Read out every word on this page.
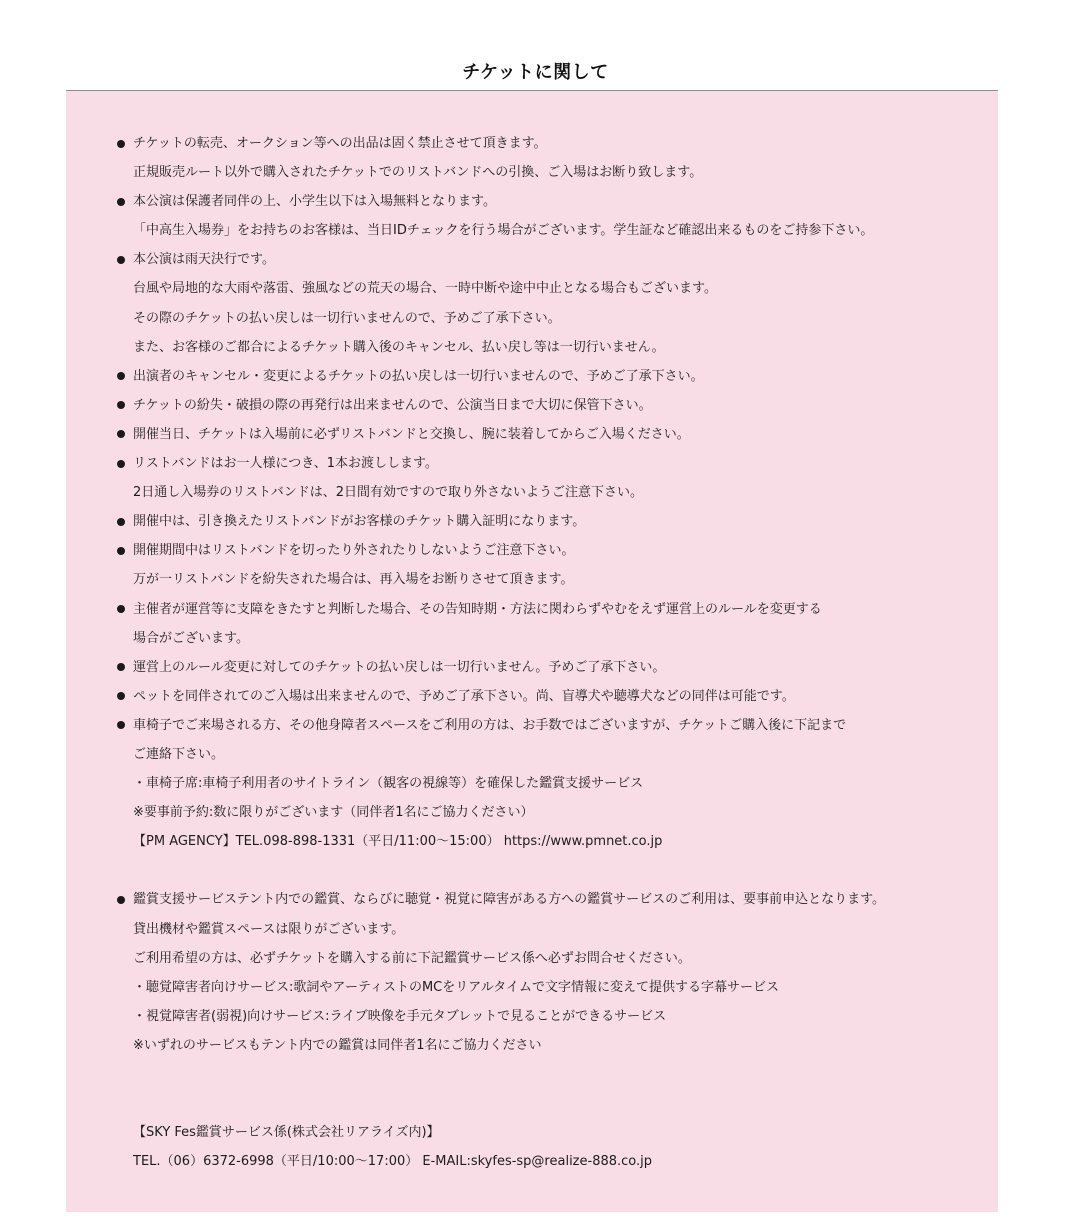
チケットに関して
チケットの転売、オークション等への出品は固く禁止させて頂きます。
正規販売ルート以外で購入されたチケットでのリストバンドへの引換、ご入場はお断り致します。
本公演は保護者同伴の上、小学生以下は入場無料となります。
「中高生入場券」をお持ちのお客様は、当日IDチェックを行う場合がございます。学生証など確認出来るものをご持参下さい。
本公演は雨天決行です。
台風や局地的な大雨や落雷、強風などの荒天の場合、一時中断や途中中止となる場合もございます。
その際のチケットの払い戻しは一切行いませんので、予めご了承下さい。
また、お客様のご都合によるチケット購入後のキャンセル、払い戻し等は一切行いません。
出演者のキャンセル・変更によるチケットの払い戻しは一切行いませんので、予めご了承下さい。
チケットの紛失・破損の際の再発行は出来ませんので、公演当日まで大切に保管下さい。
開催当日、チケットは入場前に必ずリストバンドと交換し、腕に装着してからご入場ください。
リストバンドはお一人様につき、1本お渡しします。
2日通し入場券のリストバンドは、2日間有効ですので取り外さないようご注意下さい。
開催中は、引き換えたリストバンドがお客様のチケット購入証明になります。
開催期間中はリストバンドを切ったり外されたりしないようご注意下さい。
万が一リストバンドを紛失された場合は、再入場をお断りさせて頂きます。
主催者が運営等に支障をきたすと判断した場合、その告知時期・方法に関わらずやむをえず運営上のルールを変更する
場合がございます。
運営上のルール変更に対してのチケットの払い戻しは一切行いません。予めご了承下さい。
ペットを同伴されてのご入場は出来ませんので、予めご了承下さい。尚、盲導犬や聴導犬などの同伴は可能です。
車椅子でご来場される方、その他身障者スペースをご利用の方は、お手数ではございますが、チケットご購入後に下記まで
ご連絡下さい。
・車椅子席:車椅子利用者のサイトライン（観客の視線等）を確保した鑑賞支援サービス
※要事前予約:数に限りがございます（同伴者1名にご協力ください）
【PM AGENCY】TEL.098-898-1331（平日/11:00〜15:00） https://www.pmnet.co.jp
鑑賞支援サービステント内での鑑賞、ならびに聴覚・視覚に障害がある方への鑑賞サービスのご利用は、要事前申込となります。
貸出機材や鑑賞スペースは限りがございます。
ご利用希望の方は、必ずチケットを購入する前に下記鑑賞サービス係へ必ずお問合せください。
・聴覚障害者向けサービス:歌詞やアーティストのMCをリアルタイムで文字情報に変えて提供する字幕サービス
・視覚障害者(弱視)向けサービス:ライブ映像を手元タブレットで見ることができるサービス
※いずれのサービスもテント内での鑑賞は同伴者1名にご協力ください
【SKY Fes鑑賞サービス係(株式会社リアライズ内)】
TEL.（06）6372-6998（平日/10:00〜17:00） E-MAIL:skyfes-sp@realize-888.co.jp
